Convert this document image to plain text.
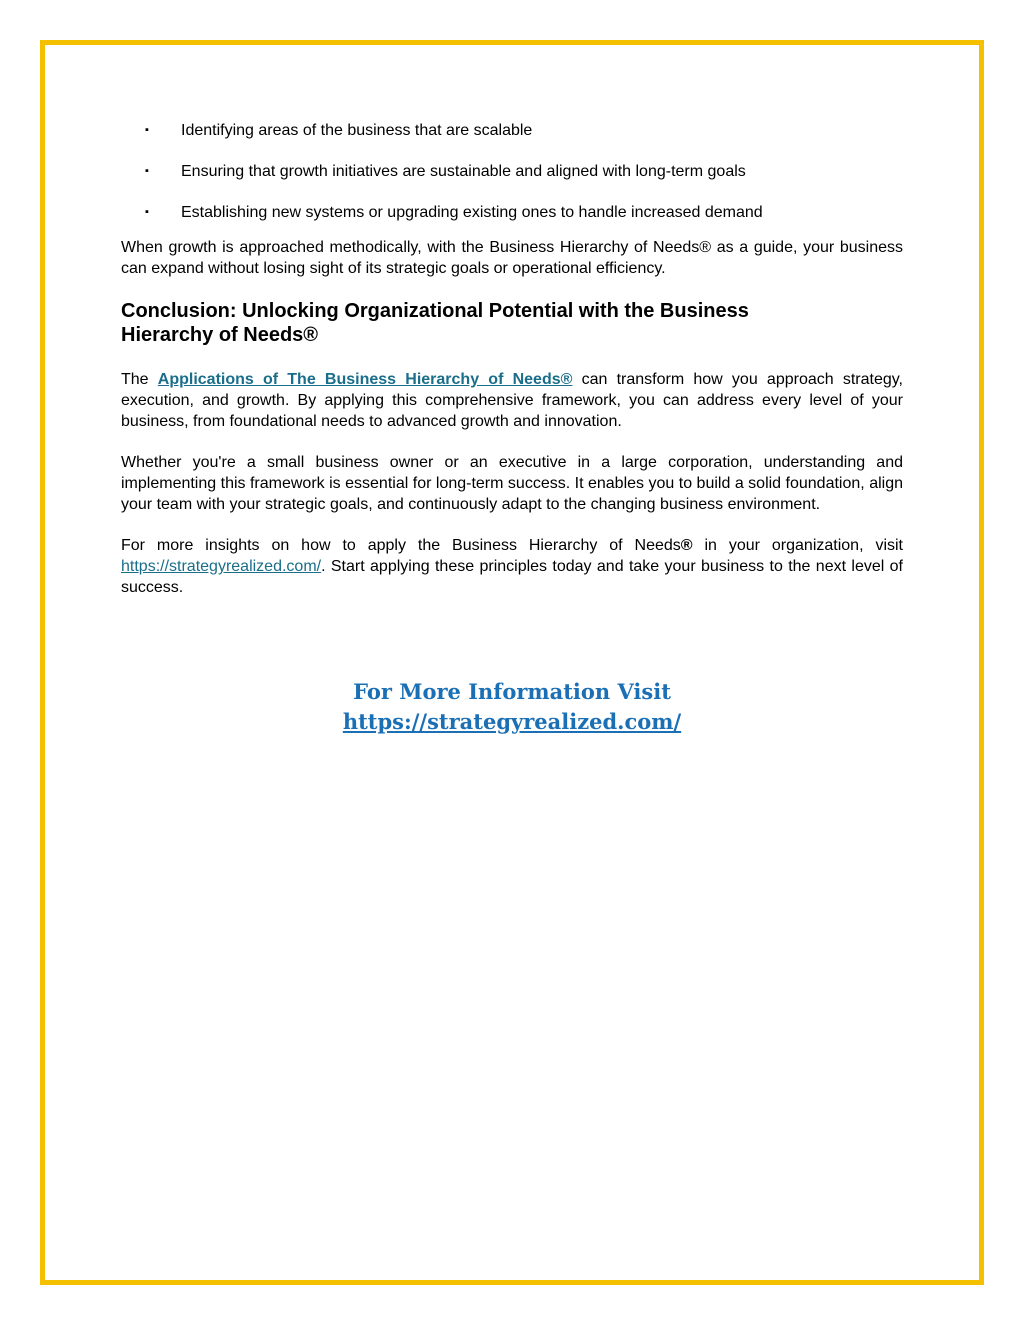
▪ Identifying areas of the business that are scalable
▪ Ensuring that growth initiatives are sustainable and aligned with long-term goals
▪ Establishing new systems or upgrading existing ones to handle increased demand

When growth is approached methodically, with the Business Hierarchy of Needs® as a guide, your business can expand without losing sight of its strategic goals or operational efficiency.

Conclusion: Unlocking Organizational Potential with the Business Hierarchy of Needs®

The Applications of The Business Hierarchy of Needs® can transform how you approach strategy, execution, and growth. By applying this comprehensive framework, you can address every level of your business, from foundational needs to advanced growth and innovation.

Whether you're a small business owner or an executive in a large corporation, understanding and implementing this framework is essential for long-term success. It enables you to build a solid foundation, align your team with your strategic goals, and continuously adapt to the changing business environment.

For more insights on how to apply the Business Hierarchy of Needs® in your organization, visit https://strategyrealized.com/. Start applying these principles today and take your business to the next level of success.

For More Information Visit
https://strategyrealized.com/
